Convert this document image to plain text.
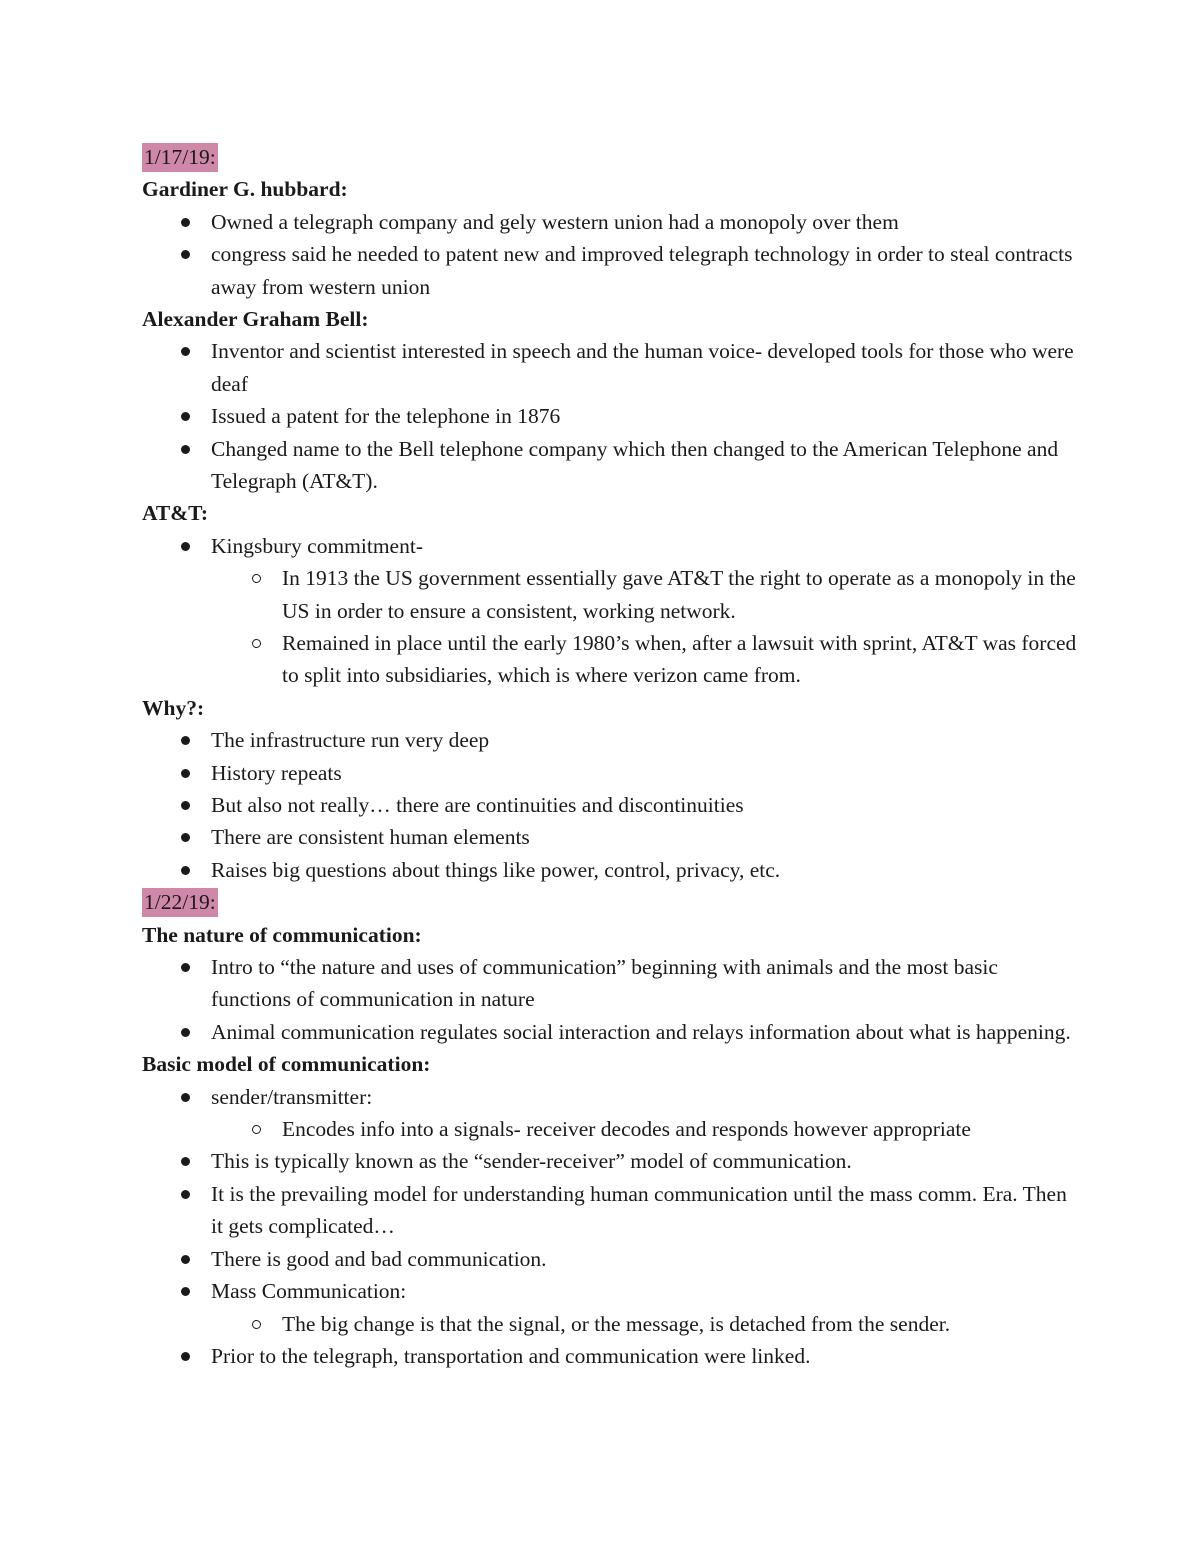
1/17/19:
Gardiner G. hubbard:
Owned a telegraph company and gely western union had a monopoly over them
congress said he needed to patent new and improved telegraph technology in order to steal contracts away from western union
Alexander Graham Bell:
Inventor and scientist interested in speech and the human voice- developed tools for those who were deaf
Issued a patent for the telephone in 1876
Changed name to the Bell telephone company which then changed to the American Telephone and Telegraph (AT&T).
AT&T:
Kingsbury commitment-
In 1913 the US government essentially gave AT&T the right to operate as a monopoly in the US in order to ensure a consistent, working network.
Remained in place until the early 1980’s when, after a lawsuit with sprint, AT&T was forced to split into subsidiaries, which is where verizon came from.
Why?:
The infrastructure run very deep
History repeats
But also not really… there are continuities and discontinuities
There are consistent human elements
Raises big questions about things like power, control, privacy, etc.
1/22/19:
The nature of communication:
Intro to “the nature and uses of communication” beginning with animals and the most basic functions of communication in nature
Animal communication regulates social interaction and relays information about what is happening.
Basic model of communication:
sender/transmitter:
Encodes info into a signals- receiver decodes and responds however appropriate
This is typically known as the “sender-receiver” model of communication.
It is the prevailing model for understanding human communication until the mass comm. Era. Then it gets complicated…
There is good and bad communication.
Mass Communication:
The big change is that the signal, or the message, is detached from the sender.
Prior to the telegraph, transportation and communication were linked.
